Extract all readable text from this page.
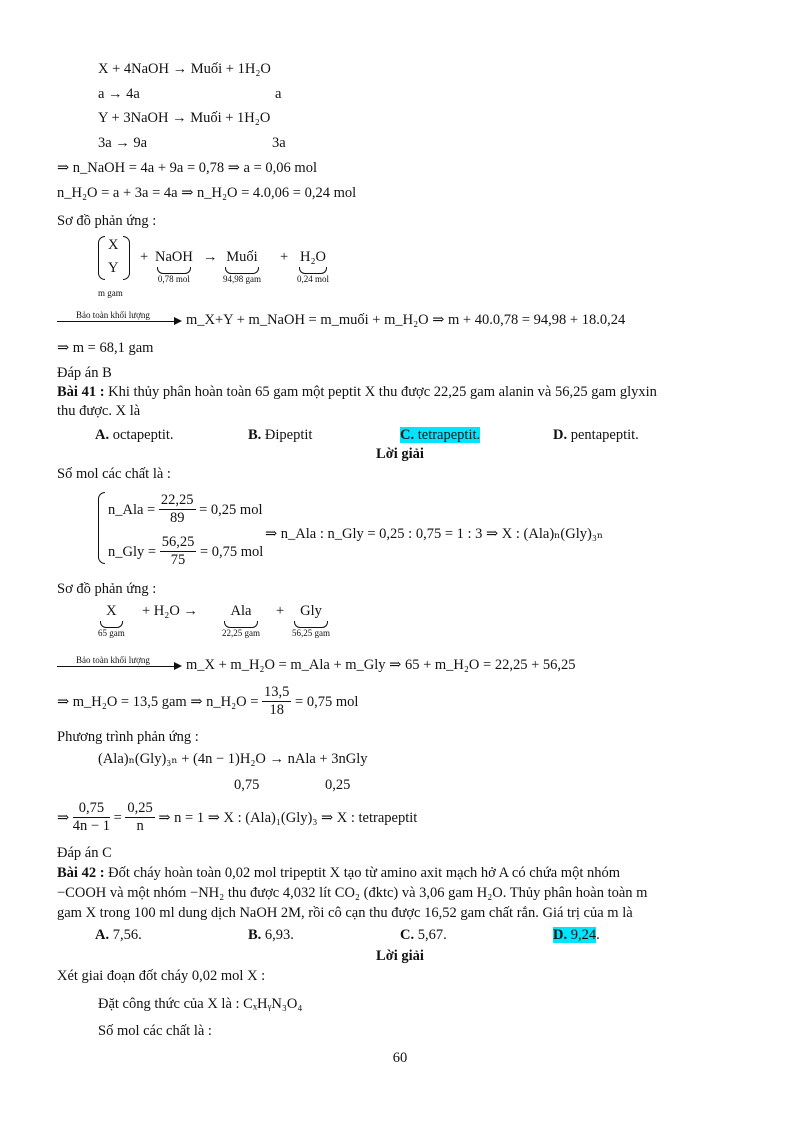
X + 4NaOH → Muối + 1H₂O
a → 4a	a
Y + 3NaOH → Muối + 1H₂O
3a → 9a	3a
⇒ n_NaOH = 4a + 9a = 0,78 ⇒ a = 0,06 mol
n_H₂O = a + 3a = 4a ⇒ n_H₂O = 4.0,06 = 0,24 mol
Sơ đồ phản ứng :
X
Y
m gam
+ NaOH
0,78 mol
→ Muối
94,98 gam
+ H₂O
0,24 mol
Bảo toàn khối lượng m_X+Y + m_NaOH = m_muối + m_H₂O ⇒ m + 40.0,78 = 94,98 + 18.0,24
⇒ m = 68,1 gam
Đáp án B
Bài 41 : Khi thủy phân hoàn toàn 65 gam một peptit X thu được 22,25 gam alanin và 56,25 gam glyxin
thu được. X là
A. octapeptit.	B. Đipeptit	C. tetrapeptit.	D. pentapeptit.
Lời giải
Số mol các chất là :
n_Ala = $\frac{22,25}{89} = 0,25$ mol
n_Gly = $\frac{56,25}{75} = 0,75$ mol
⇒ n_Ala : n_Gly = 0,25 : 0,75 = 1 : 3 ⇒ X : (Ala)ₙ(Gly)₃ₙ
Sơ đồ phản ứng :
X
65 gam
+ H₂O →	Ala
22,25 gam
+	Gly
56,25 gam
Bảo toàn khối lượng m_X + m_H₂O = m_Ala + m_Gly ⇒ 65 + m_H₂O = 22,25 + 56,25
⇒ m_H₂O = 13,5 gam ⇒ n_H₂O = $\frac{13,5}{18} = 0,75$ mol
Phương trình phản ứng :
(Ala)ₙ(Gly)₃ₙ + (4n − 1)H₂O → nAla + 3nGly
0,75	0,25
⇒ $\frac{0,75}{4n - 1} = \frac{0,25}{n}$ ⇒ n = 1 ⇒ X : (Ala)₁(Gly)₃ ⇒ X : tetrapeptit
Đáp án C
Bài 42 : Đốt cháy hoàn toàn 0,02 mol tripeptit X tạo từ amino axit mạch hở A có chứa một nhóm
−COOH và một nhóm −NH₂ thu được 4,032 lít CO₂ (đktc) và 3,06 gam H₂O. Thủy phân hoàn toàn m
gam X trong 100 ml dung dịch NaOH 2M, rồi cô cạn thu được 16,52 gam chất rắn. Giá trị của m là
A. 7,56.	B. 6,93.	C. 5,67.	D. 9,24.
Lời giải
Xét giai đoạn đốt cháy 0,02 mol X :
Đặt công thức của X là : CₓHᵧN₃O₄
Số mol các chất là :
60
